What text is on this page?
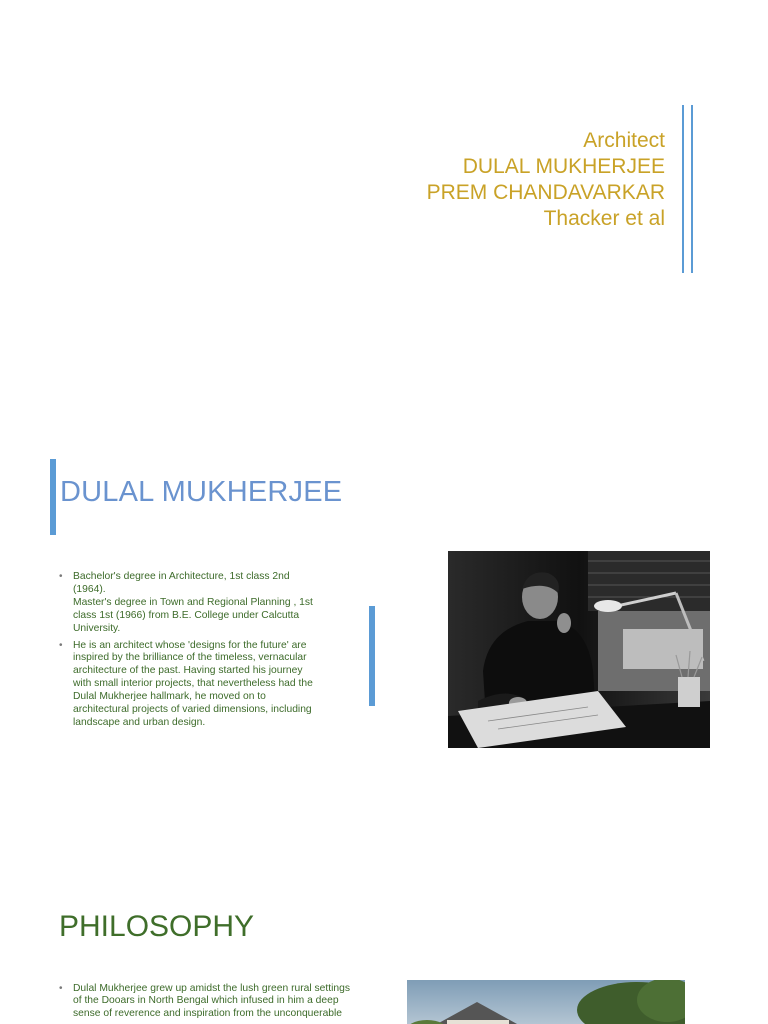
Architect
DULAL MUKHERJEE
PREM CHANDAVARKAR
Thacker et al
DULAL MUKHERJEE
• Bachelor's degree in Architecture, 1st class 2nd (1964).
Master's degree in Town and Regional Planning , 1st class 1st (1966) from B.E. College under Calcutta University.
• He is an architect whose 'designs for the future' are inspired by the brilliance of the timeless, vernacular architecture of the past. Having started his journey with small interior projects, that nevertheless had the Dulal Mukherjee hallmark, he moved on to architectural projects of varied dimensions, including landscape and urban design.
PHILOSOPHY
• Dulal Mukherjee grew up amidst the lush green rural settings of the Dooars in North Bengal which infused in him a deep sense of reverence and inspiration from the unconquerable
